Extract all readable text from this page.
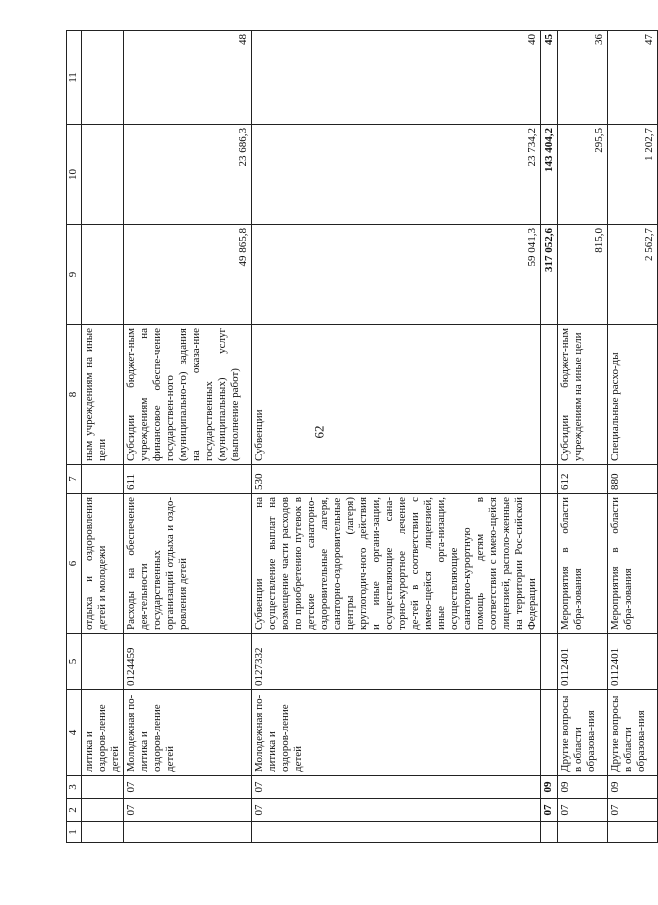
62
1	2	3	4	5	6	7	8	9	10	11
			литика и оздоров-ление детей		отдыха и оздоровления детей и молодежи		ным учреждениям на иные цели			
	07	07	Молодежная по-литика и оздоров-ление детей	0124459	Расходы на обеспечение дея-тельности государственных организаций отдыха и оздо-ровления детей	611	Субсидии бюджет-ным учреждениям на финансовое обеспе-чение государствен-ного (муниципально-го) задания на оказа-ние государственных (муниципальных) услуг (выполнение работ)	49 865,8	23 686,3	48
	07	07	Молодежная по-литика и оздоров-ление детей	0127332	Субвенции на осуществление выплат на возмещение части расходов по приобретению путевок в детские санаторно-оздоровительные лагеря, санаторно-оздоровительные центры (лагеря) круглогодич-ного действия и иные органи-зации, осуществляющие сана-торно-курортное лечение де-тей в соответствии с имею-щейся лицензией, иные орга-низации, осуществляющие санаторно-курортную помощь детям в соответствии с имею-щейся лицензией, располо-женные на территории Рос-сийской Федерации	530	Субвенции	59 041,3	23 734,2	40
	07	09						317 052,6	143 404,2	45
	07	09	Другие вопросы в области образова-ния	0112401	Мероприятия в области обра-зования	612	Субсидии бюджет-ным учреждениям на иные цели	815,0	295,5	36
	07	09	Другие вопросы в области образова-ния	0112401	Мероприятия в области обра-зования	880	Специальные расхо-ды	2 562,7	1 202,7	47
